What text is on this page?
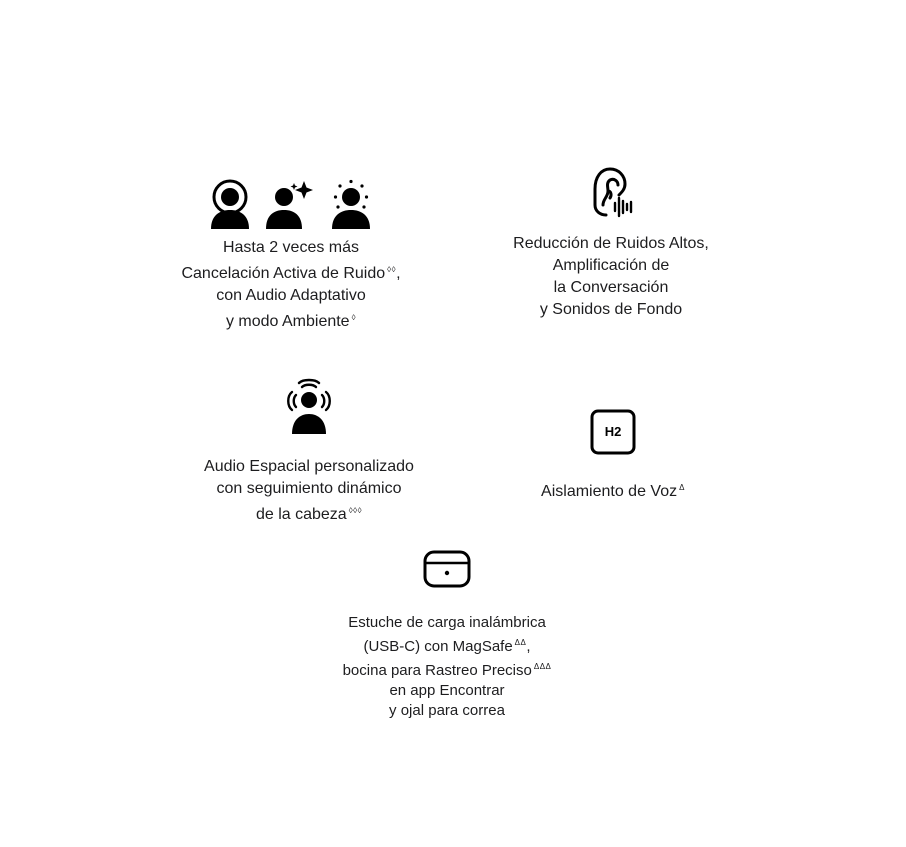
Hasta 2 veces más
Cancelación Activa de Ruido ◊◊,
con Audio Adaptativo
y modo Ambiente ◊
Reducción de Ruidos Altos,
Amplificación de
la Conversación
y Sonidos de Fondo
Audio Espacial personalizado
con seguimiento dinámico
de la cabeza ◊◊◊
H2
Aislamiento de Voz $^\Delta$
Estuche de carga inalámbrica
(USB-C) con MagSafe $^{\Delta\Delta}$,
bocina para Rastreo Preciso $^{\Delta\Delta\Delta}$
en app Encontrar
y ojal para correa
